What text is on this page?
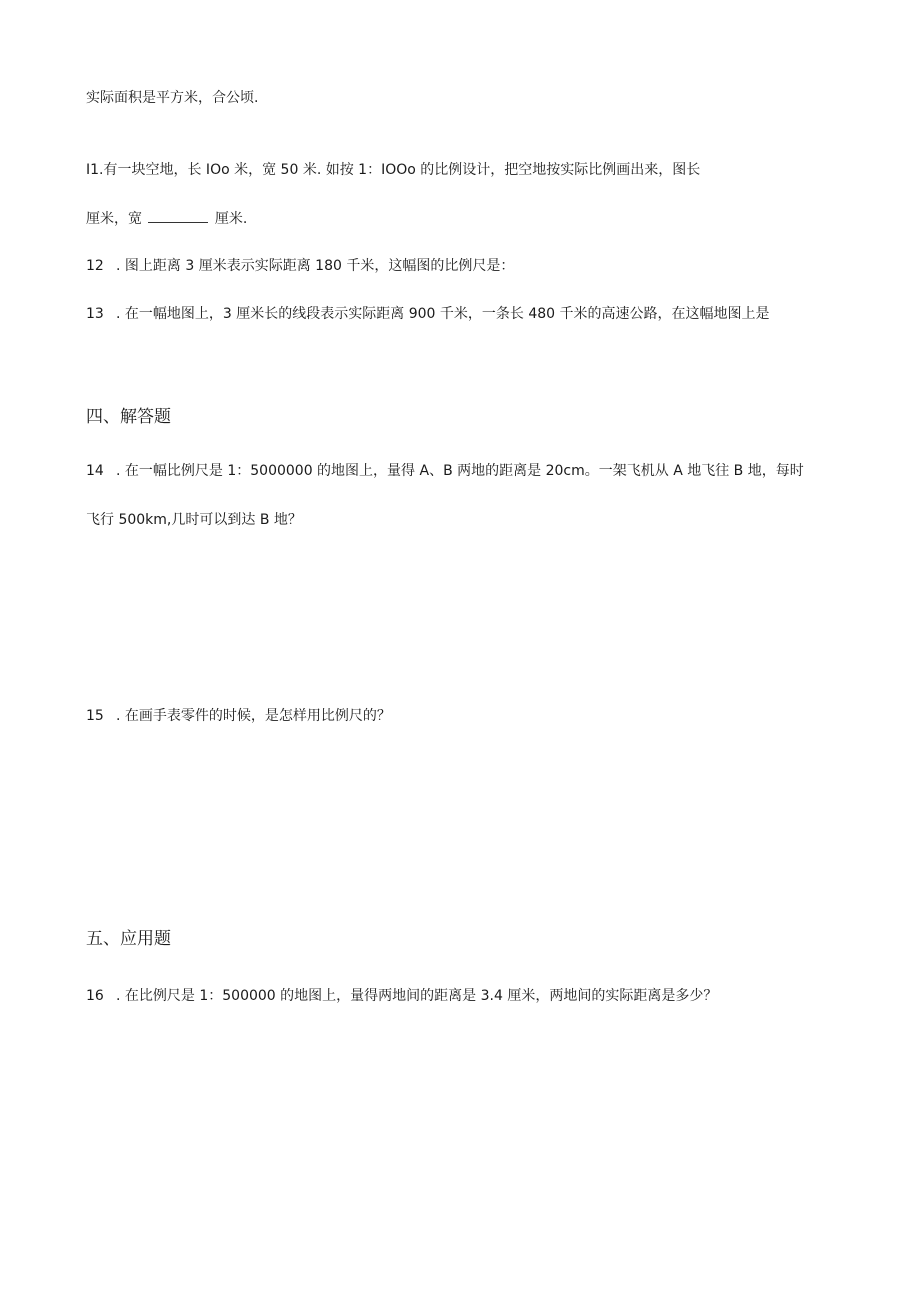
实际面积是平方米，合公顷.
I1.有一块空地，长 IOo 米，宽 50 米. 如按 1：IOOo 的比例设计，把空地按实际比例画出来，图长
厘米，宽	厘米.
12 . 图上距离 3 厘米表示实际距离 180 千米，这幅图的比例尺是：
13 . 在一幅地图上，3 厘米长的线段表示实际距离 900 千米，一条长 480 千米的高速公路，在这幅地图上是
四、解答题
14 . 在一幅比例尺是 1：5000000 的地图上，量得 A、B 两地的距离是 20cm。一架飞机从 A 地飞往 B 地，每时
飞行 500km,几时可以到达 B 地？
15 . 在画手表零件的时候，是怎样用比例尺的？
五、应用题
16 . 在比例尺是 1：500000 的地图上，量得两地间的距离是 3.4 厘米，两地间的实际距离是多少？
